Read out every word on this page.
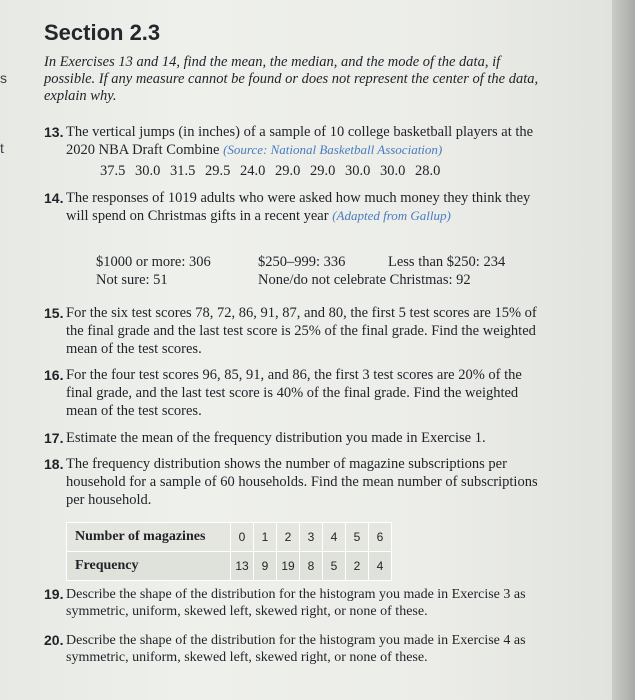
s
t
Section 2.3
In Exercises 13 and 14, find the mean, the median, and the mode of the data, if possible. If any measure cannot be found or does not represent the center of the data, explain why.
13. The vertical jumps (in inches) of a sample of 10 college basketball players at the 2020 NBA Draft Combine (Source: National Basketball Association)
37.5 30.0 31.5 29.5 24.0 29.0 29.0 30.0 30.0 28.0
14. The responses of 1019 adults who were asked how much money they think they will spend on Christmas gifts in a recent year (Adapted from Gallup)
$1000 or more: 306	$250–999: 336	Less than $250: 234
Not sure: 51	None/do not celebrate Christmas: 92
15. For the six test scores 78, 72, 86, 91, 87, and 80, the first 5 test scores are 15% of the final grade and the last test score is 25% of the final grade. Find the weighted mean of the test scores.
16. For the four test scores 96, 85, 91, and 86, the first 3 test scores are 20% of the final grade, and the last test score is 40% of the final grade. Find the weighted mean of the test scores.
17. Estimate the mean of the frequency distribution you made in Exercise 1.
18. The frequency distribution shows the number of magazine subscriptions per household for a sample of 60 households. Find the mean number of subscriptions per household.
Number of magazines	0	1	2	3	4	5	6
Frequency	13	9	19	8	5	2	4
19. Describe the shape of the distribution for the histogram you made in Exercise 3 as symmetric, uniform, skewed left, skewed right, or none of these.
20. Describe the shape of the distribution for the histogram you made in Exercise 4 as symmetric, uniform, skewed left, skewed right, or none of these.
